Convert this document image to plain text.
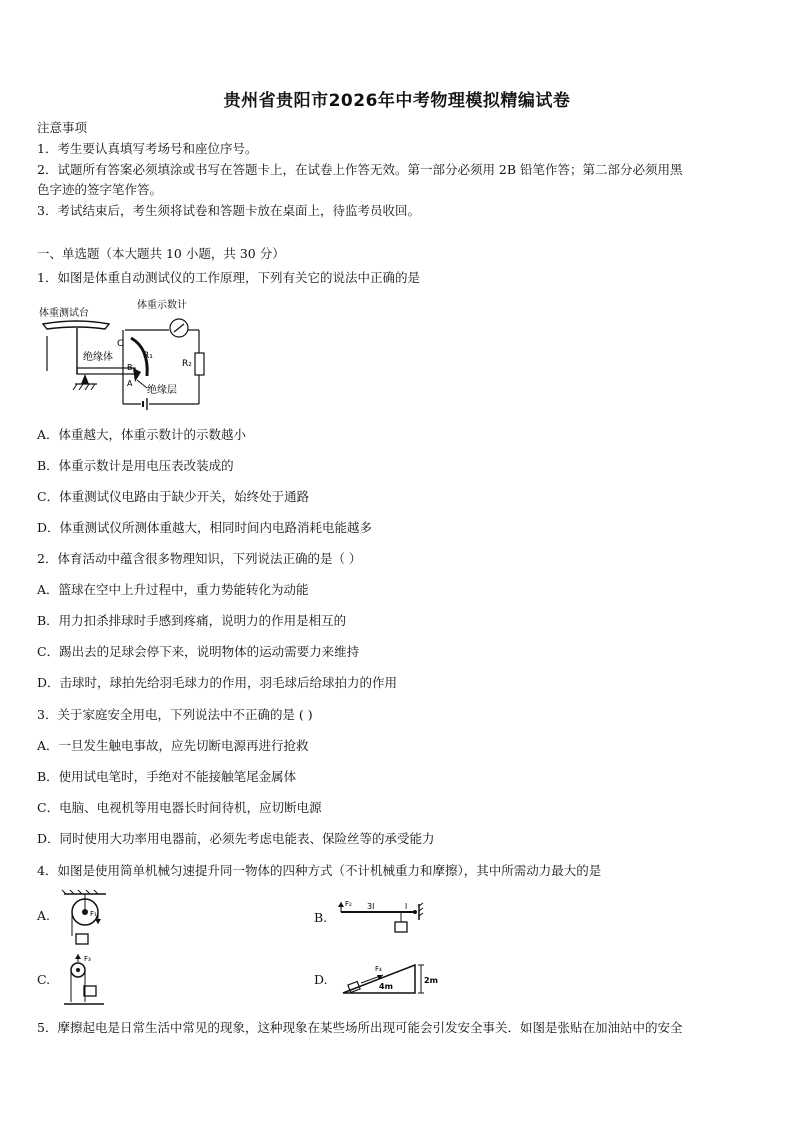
贵州省贵阳市2026年中考物理模拟精编试卷
注意事项
1．考生要认真填写考场号和座位序号。
2．试题所有答案必须填涂或书写在答题卡上，在试卷上作答无效。第一部分必须用 2B 铅笔作答；第二部分必须用黑
色字迹的签字笔作答。
3．考试结束后，考生须将试卷和答题卡放在桌面上，待监考员收回。
一、单选题（本大题共 10 小题，共 30 分）
1．如图是体重自动测试仪的工作原理，下列有关它的说法中正确的是
体重测试台
绝缘体
体重示数计
R₂
C
R₁
B
A
绝缘层
A．体重越大，体重示数计的示数越小
B．体重示数计是用电压表改装成的
C．体重测试仪电路由于缺少开关，始终处于通路
D．体重测试仪所测体重越大，相同时间内电路消耗电能越多
2．体育活动中蕴含很多物理知识，下列说法正确的是（ ）
A．篮球在空中上升过程中，重力势能转化为动能
B．用力扣杀排球时手感到疼痛，说明力的作用是相互的
C．踢出去的足球会停下来，说明物体的运动需要力来维持
D．击球时，球拍先给羽毛球力的作用，羽毛球后给球拍力的作用
3．关于家庭安全用电，下列说法中不正确的是 ( )
A．一旦发生触电事故，应先切断电源再进行抢救
B．使用试电笔时，手绝对不能接触笔尾金属体
C．电脑、电视机等用电器长时间待机，应切断电源
D．同时使用大功率用电器前，必须先考虑电能表、保险丝等的承受能力
4．如图是使用简单机械匀速提升同一物体的四种方式（不计机械重力和摩擦），其中所需动力最大的是
A.	F₁	B.
F₂ 3l	l
C.
F₃
D.
F₄
4m
2m
5．摩擦起电是日常生活中常见的现象，这种现象在某些场所出现可能会引发安全事关．如图是张贴在加油站中的安全
